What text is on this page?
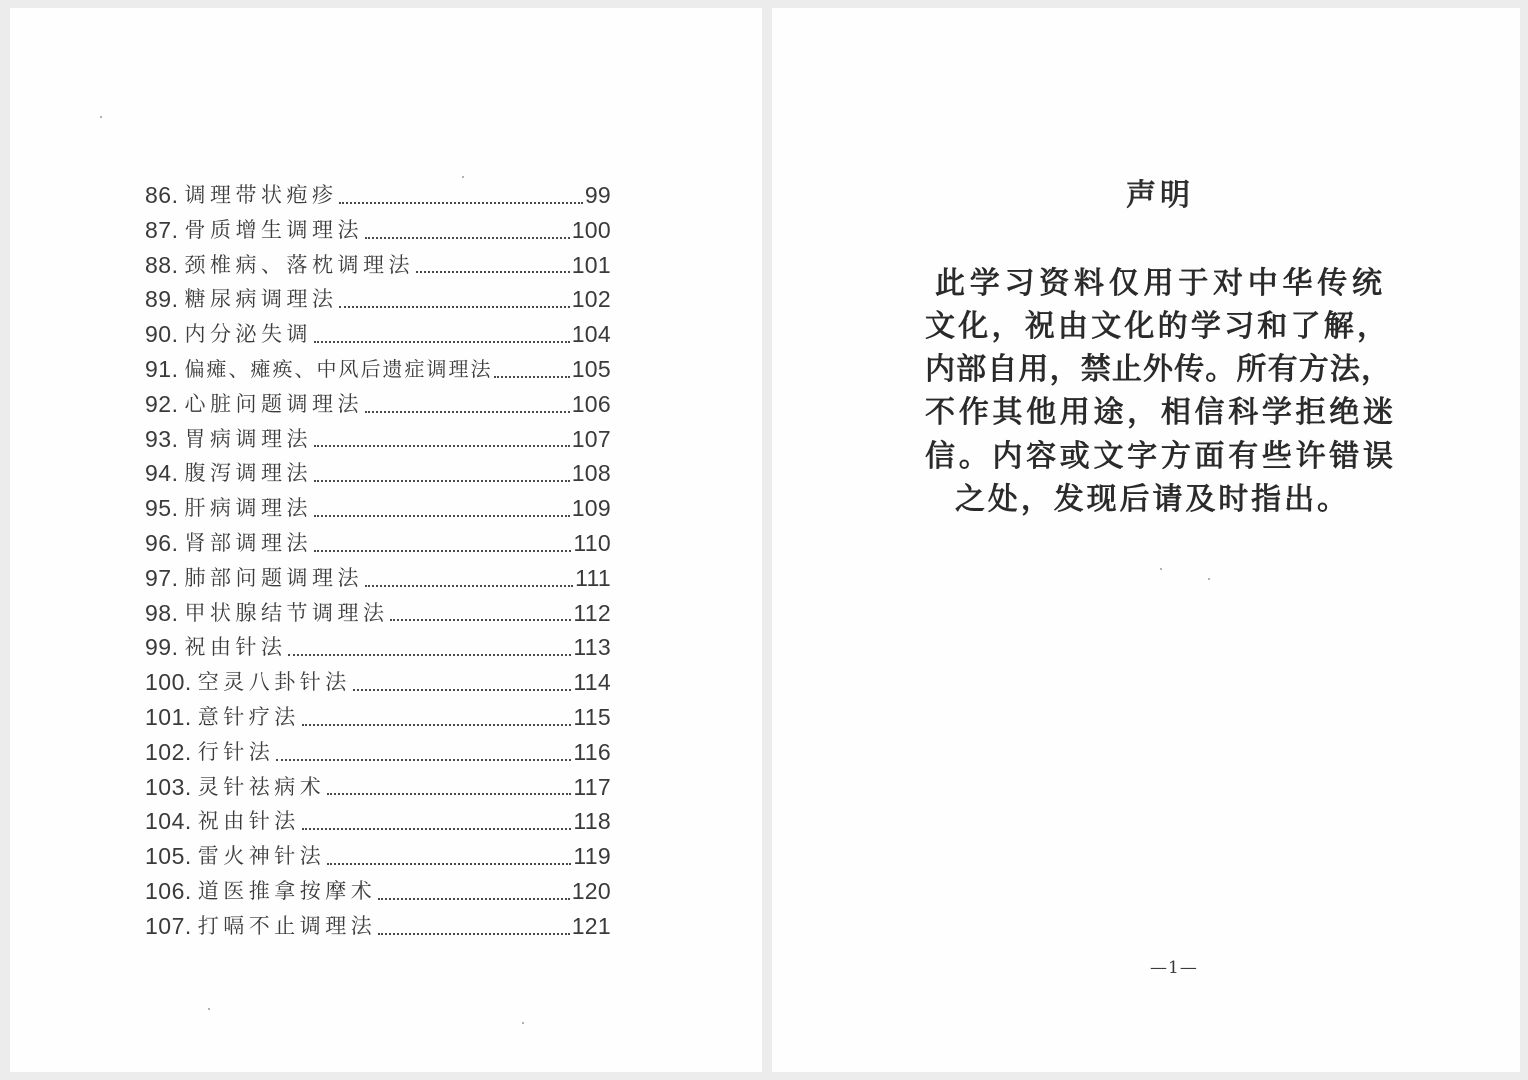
86. 调理带状疱疹	99
87. 骨质增生调理法	100
88. 颈椎病、落枕调理法	101
89. 糖尿病调理法	102
90. 内分泌失调	104
91. 偏瘫、瘫痪、中风后遗症调理法	105
92. 心脏问题调理法	106
93. 胃病调理法	107
94. 腹泻调理法	108
95. 肝病调理法	109
96. 肾部调理法	110
97. 肺部问题调理法	111
98. 甲状腺结节调理法	112
99. 祝由针法	113
100. 空灵八卦针法	114
101. 意针疗法	115
102. 行针法	116
103. 灵针祛病术	117
104. 祝由针法	118
105. 雷火神针法	119
106. 道医推拿按摩术	120
107. 打嗝不止调理法	121
声明
此学习资料仅用于对中华传统
文化，祝由文化的学习和了解，
内部自用，禁止外传。所有方法，
不作其他用途，相信科学拒绝迷
信。内容或文字方面有些许错误
之处，发现后请及时指出。
—1—
